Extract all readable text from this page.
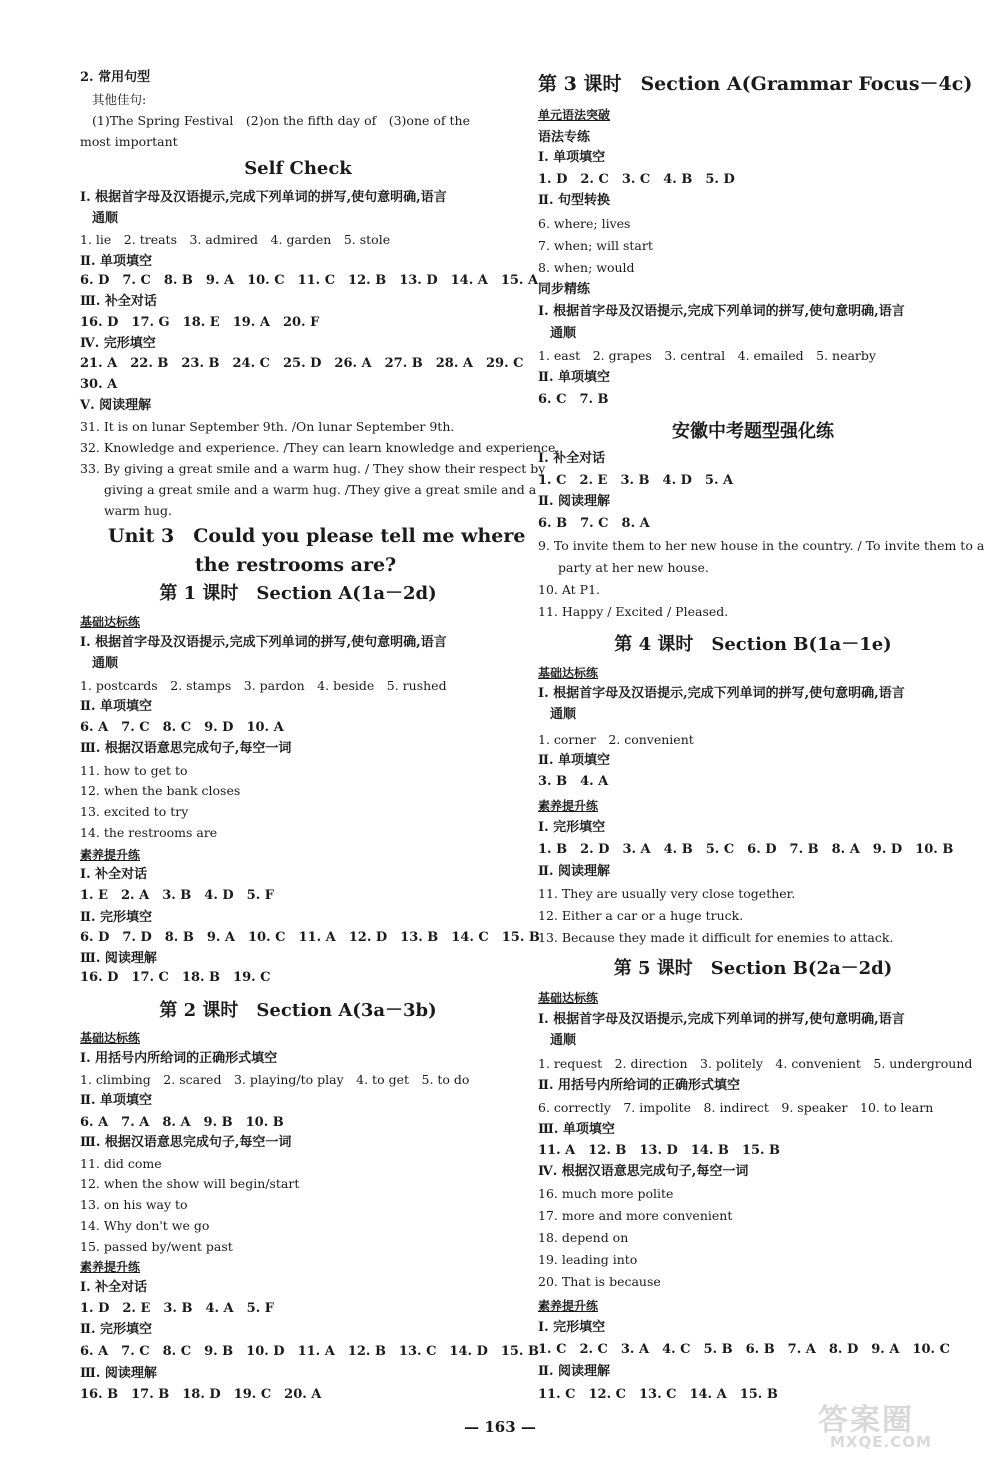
2. 常用句型
其他佳句:
(1)The Spring Festival　(2)on the fifth day of　(3)one of the
most important
Self Check
Ⅰ. 根据首字母及汉语提示,完成下列单词的拼写,使句意明确,语言
通顺
1. lie　2. treats　3. admired　4. garden　5. stole
Ⅱ. 单项填空
6. D　7. C　8. B　9. A　10. C　11. C　12. B　13. D　14. A　15. A
Ⅲ. 补全对话
16. D　17. G　18. E　19. A　20. F
Ⅳ. 完形填空
21. A　22. B　23. B　24. C　25. D　26. A　27. B　28. A　29. C
30. A
Ⅴ. 阅读理解
31. It is on lunar September 9th. /On lunar September 9th.
32. Knowledge and experience. /They can learn knowledge and experience.
33. By giving a great smile and a warm hug. / They show their respect by
giving a great smile and a warm hug. /They give a great smile and a
warm hug.
Unit 3　Could you please tell me where
the restrooms are?
第 1 课时　Section A(1a－2d)
基础达标练
Ⅰ. 根据首字母及汉语提示,完成下列单词的拼写,使句意明确,语言
通顺
1. postcards　2. stamps　3. pardon　4. beside　5. rushed
Ⅱ. 单项填空
6. A　7. C　8. C　9. D　10. A
Ⅲ. 根据汉语意思完成句子,每空一词
11. how to get to
12. when the bank closes
13. excited to try
14. the restrooms are
素养提升练
Ⅰ. 补全对话
1. E　2. A　3. B　4. D　5. F
Ⅱ. 完形填空
6. D　7. D　8. B　9. A　10. C　11. A　12. D　13. B　14. C　15. B
Ⅲ. 阅读理解
16. D　17. C　18. B　19. C
第 2 课时　Section A(3a－3b)
基础达标练
Ⅰ. 用括号内所给词的正确形式填空
1. climbing　2. scared　3. playing/to play　4. to get　5. to do
Ⅱ. 单项填空
6. A　7. A　8. A　9. B　10. B
Ⅲ. 根据汉语意思完成句子,每空一词
11. did come
12. when the show will begin/start
13. on his way to
14. Why don't we go
15. passed by/went past
素养提升练
Ⅰ. 补全对话
1. D　2. E　3. B　4. A　5. F
Ⅱ. 完形填空
6. A　7. C　8. C　9. B　10. D　11. A　12. B　13. C　14. D　15. B
Ⅲ. 阅读理解
16. B　17. B　18. D　19. C　20. A
第 3 课时　Section A(Grammar Focus－4c)
单元语法突破
语法专练
Ⅰ. 单项填空
1. D　2. C　3. C　4. B　5. D
Ⅱ. 句型转换
6. where; lives
7. when; will start
8. when; would
同步精练
Ⅰ. 根据首字母及汉语提示,完成下列单词的拼写,使句意明确,语言
通顺
1. east　2. grapes　3. central　4. emailed　5. nearby
Ⅱ. 单项填空
6. C　7. B
安徽中考题型强化练
Ⅰ. 补全对话
1. C　2. E　3. B　4. D　5. A
Ⅱ. 阅读理解
6. B　7. C　8. A
9. To invite them to her new house in the country. / To invite them to a
party at her new house.
10. At P1.
11. Happy / Excited / Pleased.
第 4 课时　Section B(1a－1e)
基础达标练
Ⅰ. 根据首字母及汉语提示,完成下列单词的拼写,使句意明确,语言
通顺
1. corner　2. convenient
Ⅱ. 单项填空
3. B　4. A
素养提升练
Ⅰ. 完形填空
1. B　2. D　3. A　4. B　5. C　6. D　7. B　8. A　9. D　10. B
Ⅱ. 阅读理解
11. They are usually very close together.
12. Either a car or a huge truck.
13. Because they made it difficult for enemies to attack.
第 5 课时　Section B(2a－2d)
基础达标练
Ⅰ. 根据首字母及汉语提示,完成下列单词的拼写,使句意明确,语言
通顺
1. request　2. direction　3. politely　4. convenient　5. underground
Ⅱ. 用括号内所给词的正确形式填空
6. correctly　7. impolite　8. indirect　9. speaker　10. to learn
Ⅲ. 单项填空
11. A　12. B　13. D　14. B　15. B
Ⅳ. 根据汉语意思完成句子,每空一词
16. much more polite
17. more and more convenient
18. depend on
19. leading into
20. That is because
素养提升练
Ⅰ. 完形填空
1. C　2. C　3. A　4. C　5. B　6. B　7. A　8. D　9. A　10. C
Ⅱ. 阅读理解
11. C　12. C　13. C　14. A　15. B
— 163 —	答案圈
MXQE.COM
